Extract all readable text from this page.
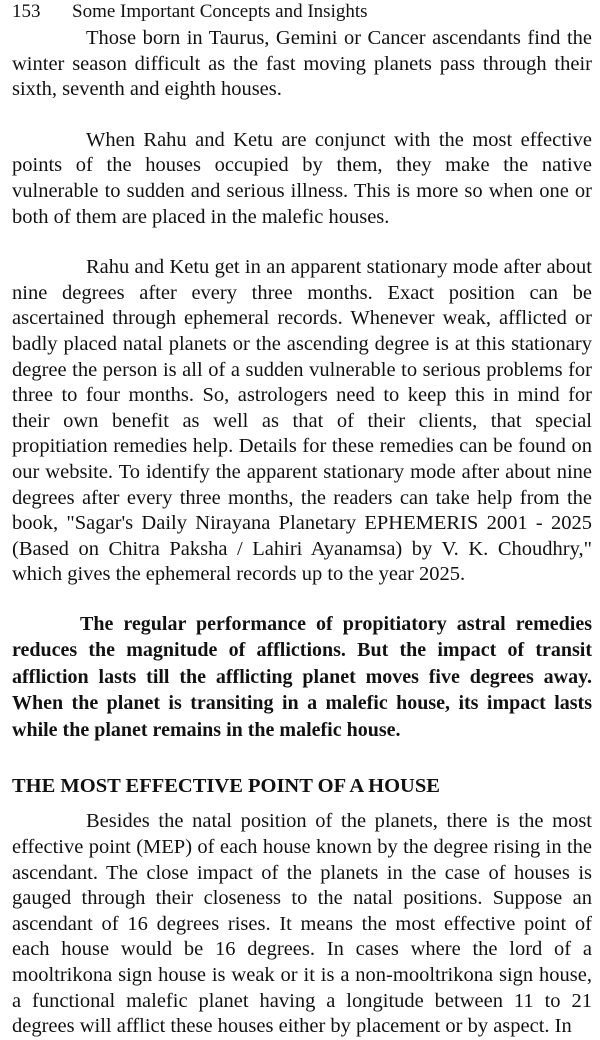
153 Some Important Concepts and Insights

Those born in Taurus, Gemini or Cancer ascendants find the winter season difficult as the fast moving planets pass through their sixth, seventh and eighth houses.

When Rahu and Ketu are conjunct with the most effective points of the houses occupied by them, they make the native vulnerable to sudden and serious illness. This is more so when one or both of them are placed in the malefic houses.

Rahu and Ketu get in an apparent stationary mode after about nine degrees after every three months. Exact position can be ascertained through ephemeral records. Whenever weak, afflicted or badly placed natal planets or the ascending degree is at this stationary degree the person is all of a sudden vulnerable to serious problems for three to four months. So, astrologers need to keep this in mind for their own benefit as well as that of their clients, that special propitiation remedies help. Details for these remedies can be found on our website. To identify the apparent stationary mode after about nine degrees after every three months, the readers can take help from the book, "Sagar's Daily Nirayana Planetary EPHEMERIS 2001 - 2025 (Based on Chitra Paksha / Lahiri Ayanamsa) by V. K. Choudhry," which gives the ephemeral records up to the year 2025.

The regular performance of propitiatory astral remedies reduces the magnitude of afflictions. But the impact of transit affliction lasts till the afflicting planet moves five degrees away. When the planet is transiting in a malefic house, its impact lasts while the planet remains in the malefic house.

THE MOST EFFECTIVE POINT OF A HOUSE

Besides the natal position of the planets, there is the most effective point (MEP) of each house known by the degree rising in the ascendant. The close impact of the planets in the case of houses is gauged through their closeness to the natal positions. Suppose an ascendant of 16 degrees rises. It means the most effective point of each house would be 16 degrees. In cases where the lord of a mooltrikona sign house is weak or it is a non-mooltrikona sign house, a functional malefic planet having a longitude between 11 to 21 degrees will afflict these houses either by placement or by aspect. In
